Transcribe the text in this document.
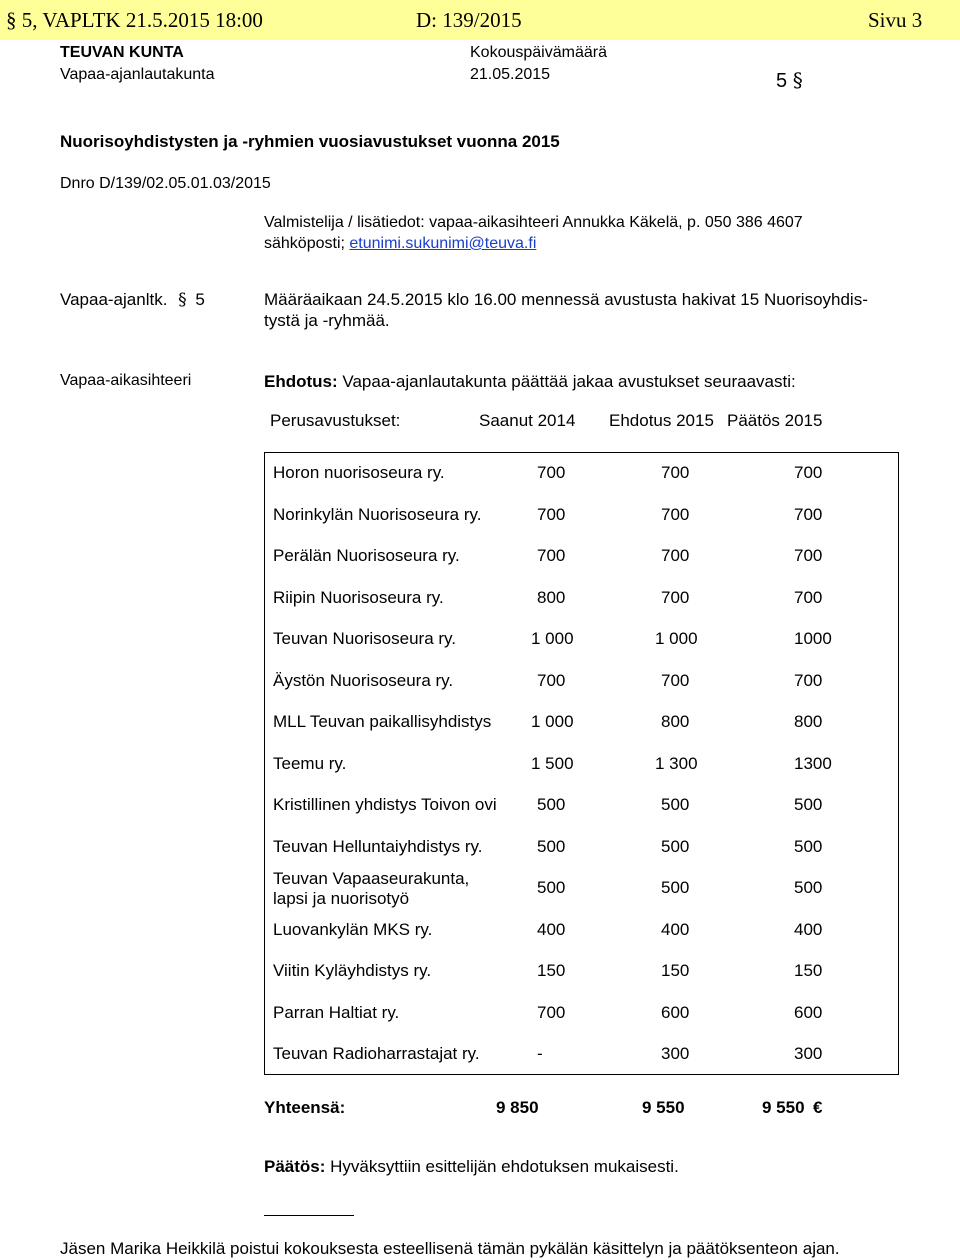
§ 5, VAPLTK 21.5.2015 18:00	D: 139/2015	Sivu 3
TEUVAN KUNTA
Vapaa-ajanlautakunta
Kokouspäivämäärä
21.05.2015	5 §
Nuorisoyhdistysten ja -ryhmien vuosiavustukset vuonna 2015
Dnro D/139/02.05.01.03/2015
Valmistelija / lisätiedot: vapaa-aikasihteeri Annukka Käkelä, p. 050 386 4607
sähköposti; etunimi.sukunimi@teuva.fi
Vapaa-ajanltk. § 5	Määräaikaan 24.5.2015 klo 16.00 mennessä avustusta hakivat 15 Nuorisoyhdis-
tystä ja -ryhmää.
Vapaa-aikasihteeri	Ehdotus: Vapaa-ajanlautakunta päättää jakaa avustukset seuraavasti:
Perusavustukset:	Saanut 2014 Ehdotus 2015 Päätös 2015
Horon nuorisoseura ry.	700	700	700
Norinkylän Nuorisoseura ry.	700	700	700
Perälän Nuorisoseura ry.	700	700	700
Riipin Nuorisoseura ry.	800	700	700
Teuvan Nuorisoseura ry.	1 000	1 000	1000
Äystön Nuorisoseura ry.	700	700	700
MLL Teuvan paikallisyhdistys 1 000	800	800
Teemu ry.	1 500	1 300	1300
Kristillinen yhdistys Toivon ovi 500	500	500
Teuvan Helluntaiyhdistys ry.	500	500	500
Teuvan Vapaaseurakunta,
lapsi ja nuorisotyö
500	500	500
Luovankylän MKS ry.	400	400	400
Viitin Kyläyhdistys ry.	150	150	150
Parran Haltiat ry.	700	600	600
Teuvan Radioharrastajat ry.	-	300	300
Yhteensä:	9 850	9 550	9 550 €
Päätös: Hyväksyttiin esittelijän ehdotuksen mukaisesti.
Jäsen Marika Heikkilä poistui kokouksesta esteellisenä tämän pykälän käsittelyn ja päätöksenteon ajan.
